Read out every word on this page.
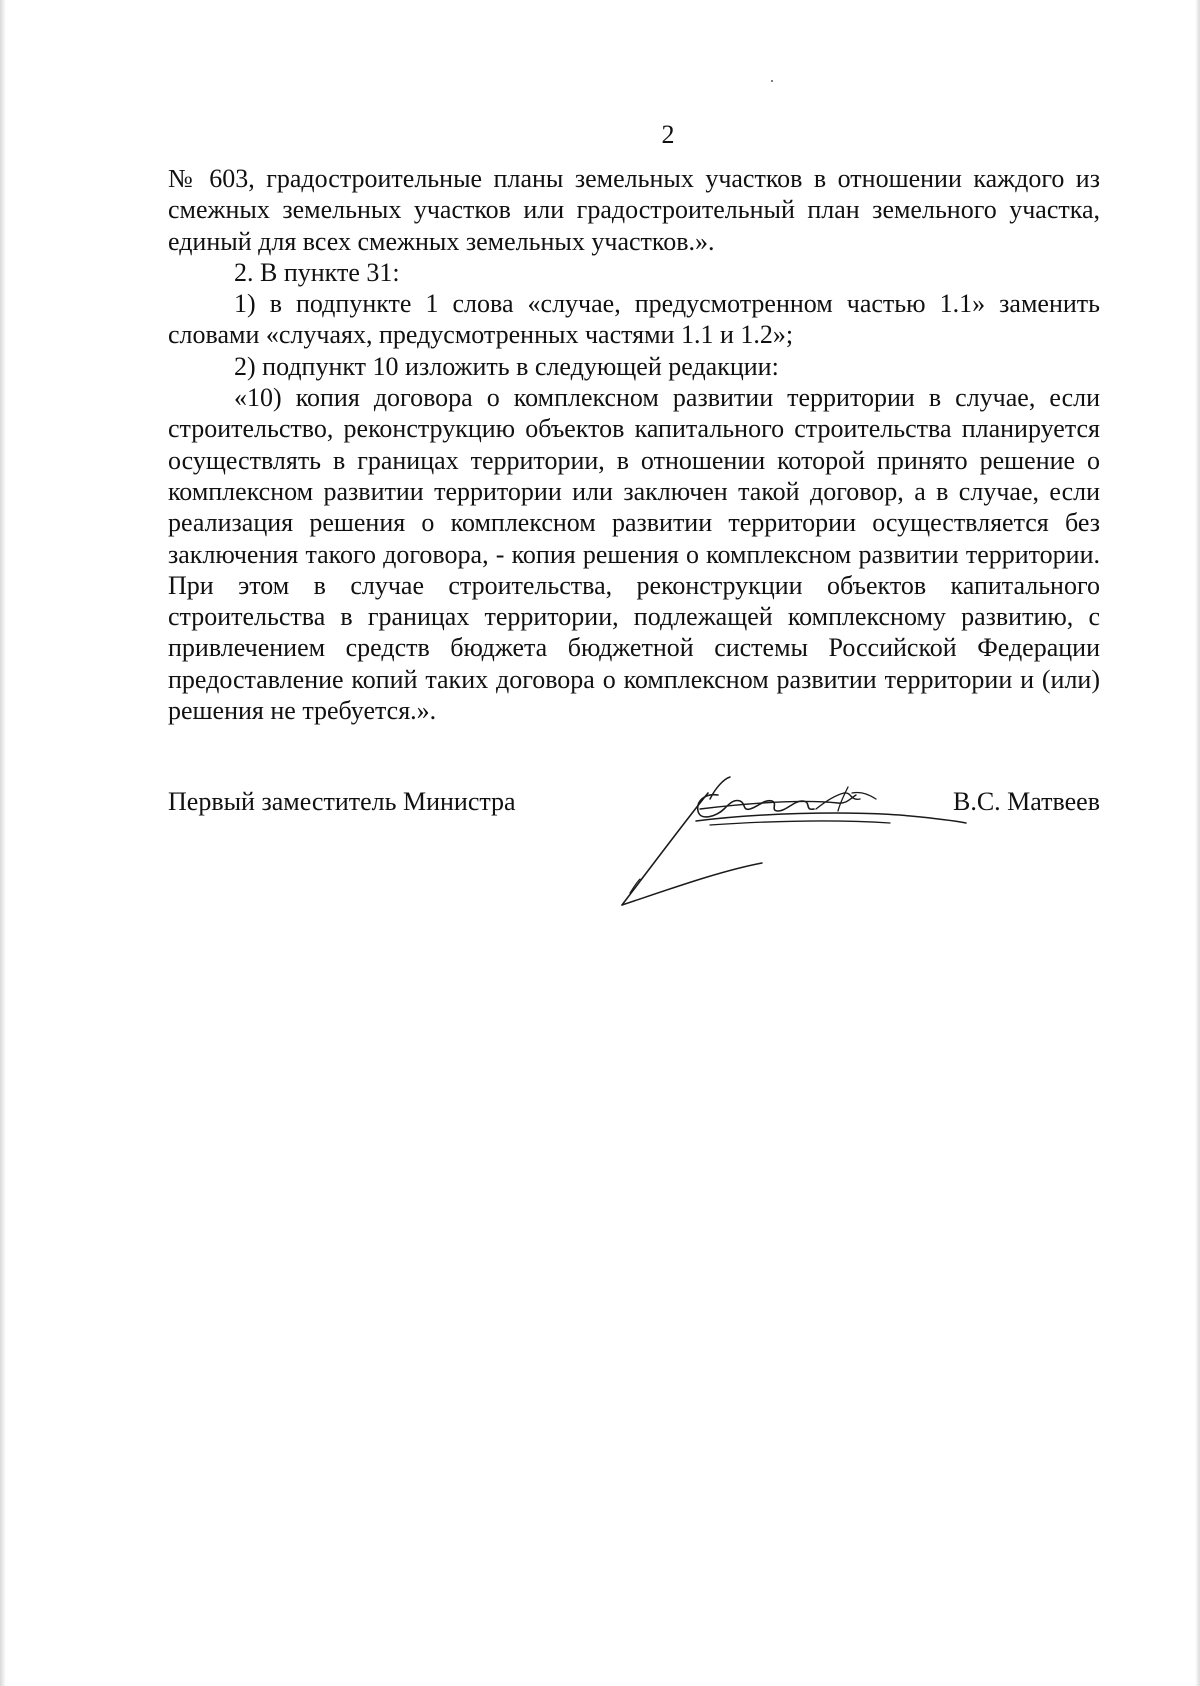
2

№ 603, градостроительные планы земельных участков в отношении каждого из смежных земельных участков или градостроительный план земельного участка, единый для всех смежных земельных участков.».

2. В пункте 31:

1) в подпункте 1 слова «случае, предусмотренном частью 1.1» заменить словами «случаях, предусмотренных частями 1.1 и 1.2»;

2) подпункт 10 изложить в следующей редакции:

«10) копия договора о комплексном развитии территории в случае, если строительство, реконструкцию объектов капитального строительства планируется осуществлять в границах территории, в отношении которой принято решение о комплексном развитии территории или заключен такой договор, а в случае, если реализация решения о комплексном развитии территории осуществляется без заключения такого договора, - копия решения о комплексном развитии территории. При этом в случае строительства, реконструкции объектов капитального строительства в границах территории, подлежащей комплексному развитию, с привлечением средств бюджета бюджетной системы Российской Федерации предоставление копий таких договора о комплексном развитии территории и (или) решения не требуется.».

Первый заместитель Министра	В.С. Матвеев
